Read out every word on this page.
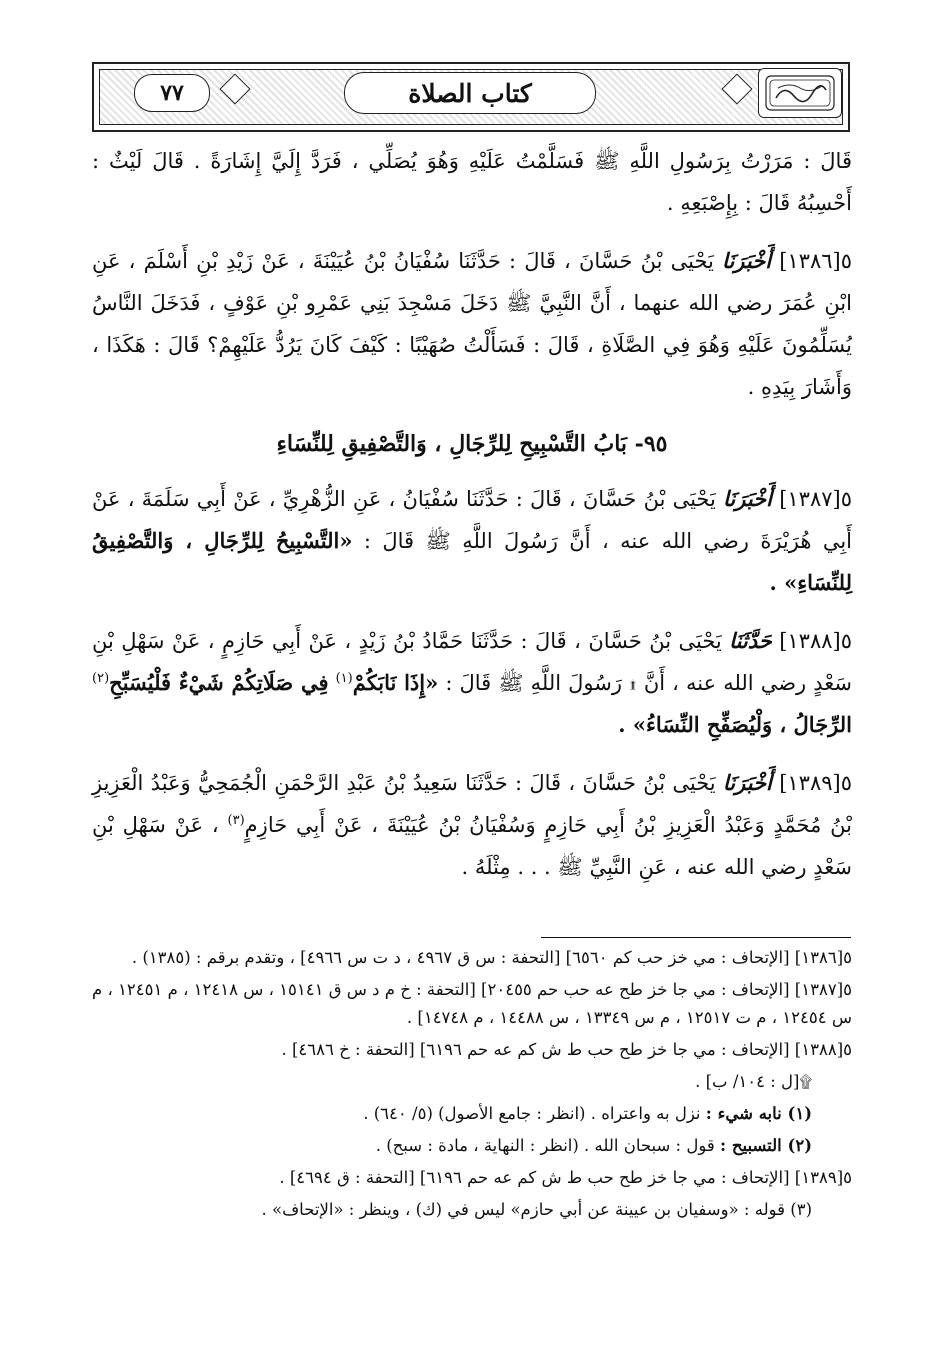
كتاب الصلاة
٧٧

قَالَ : مَرَرْتُ بِرَسُولِ اللَّهِ ﷺ فَسَلَّمْتُ عَلَيْهِ وَهُوَ يُصَلِّي ، فَرَدَّ إِلَيَّ إِشَارَةً . قَالَ لَيْثٌ : أَحْسِبُهُ قَالَ : بِإِصْبَعِهِ .

٥[١٣٨٦] أَخْبَرَنَا يَحْيَى بْنُ حَسَّانَ ، قَالَ : حَدَّثَنَا سُفْيَانُ بْنُ عُيَيْنَةَ ، عَنْ زَيْدِ بْنِ أَسْلَمَ ، عَنِ ابْنِ عُمَرَ رضي الله عنهما ، أَنَّ النَّبِيَّ ﷺ دَخَلَ مَسْجِدَ بَنِي عَمْرِو بْنِ عَوْفٍ ، فَدَخَلَ النَّاسُ يُسَلِّمُونَ عَلَيْهِ وَهُوَ فِي الصَّلَاةِ ، قَالَ : فَسَأَلْتُ صُهَيْبًا : كَيْفَ كَانَ يَرُدُّ عَلَيْهِمْ؟ قَالَ : هَكَذَا ، وَأَشَارَ بِيَدِهِ .

٩٥- بَابُ التَّسْبِيحِ لِلرِّجَالِ ، وَالتَّصْفِيقِ لِلنِّسَاءِ

٥[١٣٨٧] أَخْبَرَنَا يَحْيَى بْنُ حَسَّانَ ، قَالَ : حَدَّثَنَا سُفْيَانُ ، عَنِ الزُّهْرِيِّ ، عَنْ أَبِي سَلَمَةَ ، عَنْ أَبِي هُرَيْرَةَ رضي الله عنه ، أَنَّ رَسُولَ اللَّهِ ﷺ قَالَ : «التَّسْبِيحُ لِلرِّجَالِ ، وَالتَّصْفِيقُ لِلنِّسَاءِ» .

٥[١٣٨٨] حَدَّثَنَا يَحْيَى بْنُ حَسَّانَ ، قَالَ : حَدَّثَنَا حَمَّادُ بْنُ زَيْدٍ ، عَنْ أَبِي حَازِمٍ ، عَنْ سَهْلِ بْنِ سَعْدٍ رضي الله عنه ، أَنَّ ۩ رَسُولَ اللَّهِ ﷺ قَالَ : «إِذَا نَابَكُمْ$^{(١)}$ فِي صَلَاتِكُمْ شَيْءٌ فَلْيُسَبِّحِ$^{(٢)}$ الرِّجَالُ ، وَلْيُصَفِّحِ النِّسَاءُ» .

٥[١٣٨٩] أَخْبَرَنَا يَحْيَى بْنُ حَسَّانَ ، قَالَ : حَدَّثَنَا سَعِيدُ بْنُ عَبْدِ الرَّحْمَنِ الْجُمَحِيُّ وَعَبْدُ الْعَزِيزِ بْنُ مُحَمَّدٍ وَعَبْدُ الْعَزِيزِ بْنُ أَبِي حَازِمٍ وَسُفْيَانُ بْنُ عُيَيْنَةَ ، عَنْ أَبِي حَازِمٍ$^{(٣)}$ ، عَنْ سَهْلِ بْنِ سَعْدٍ رضي الله عنه ، عَنِ النَّبِيِّ ﷺ . . . مِثْلَهُ .

٥[١٣٨٦] [الإتحاف : مي خز حب كم ٦٥٦٠] [التحفة : س ق ٤٩٦٧ ، د ت س ٤٩٦٦] ، وتقدم برقم : (١٣٨٥) .

٥[١٣٨٧] [الإتحاف : مي جا خز طح عه حب حم ٢٠٤٥٥] [التحفة : خ م د س ق ١٥١٤١ ، س ١٢٤١٨ ، م ١٢٤٥١ ، م س ١٢٤٥٤ ، م ت ١٢٥١٧ ، م س ١٣٣٤٩ ، س ١٤٤٨٨ ، م ١٤٧٤٨] .

٥[١٣٨٨] [الإتحاف : مي جا خز طح حب ط ش كم عه حم ٦١٩٦] [التحفة : خ ٤٦٨٦] .

۩[ل : ١٠٤/ ب] .

(١) نابه شيء : نزل به واعتراه . (انظر : جامع الأصول) (٥/ ٦٤٠) .

(٢) التسبيح : قول : سبحان الله . (انظر : النهاية ، مادة : سبح) .

٥[١٣٨٩] [الإتحاف : مي جا خز طح حب ط ش كم عه حم ٦١٩٦] [التحفة : ق ٤٦٩٤] .

(٣) قوله : «وسفيان بن عيينة عن أبي حازم» ليس في (ك) ، وينظر : «الإتحاف» .
